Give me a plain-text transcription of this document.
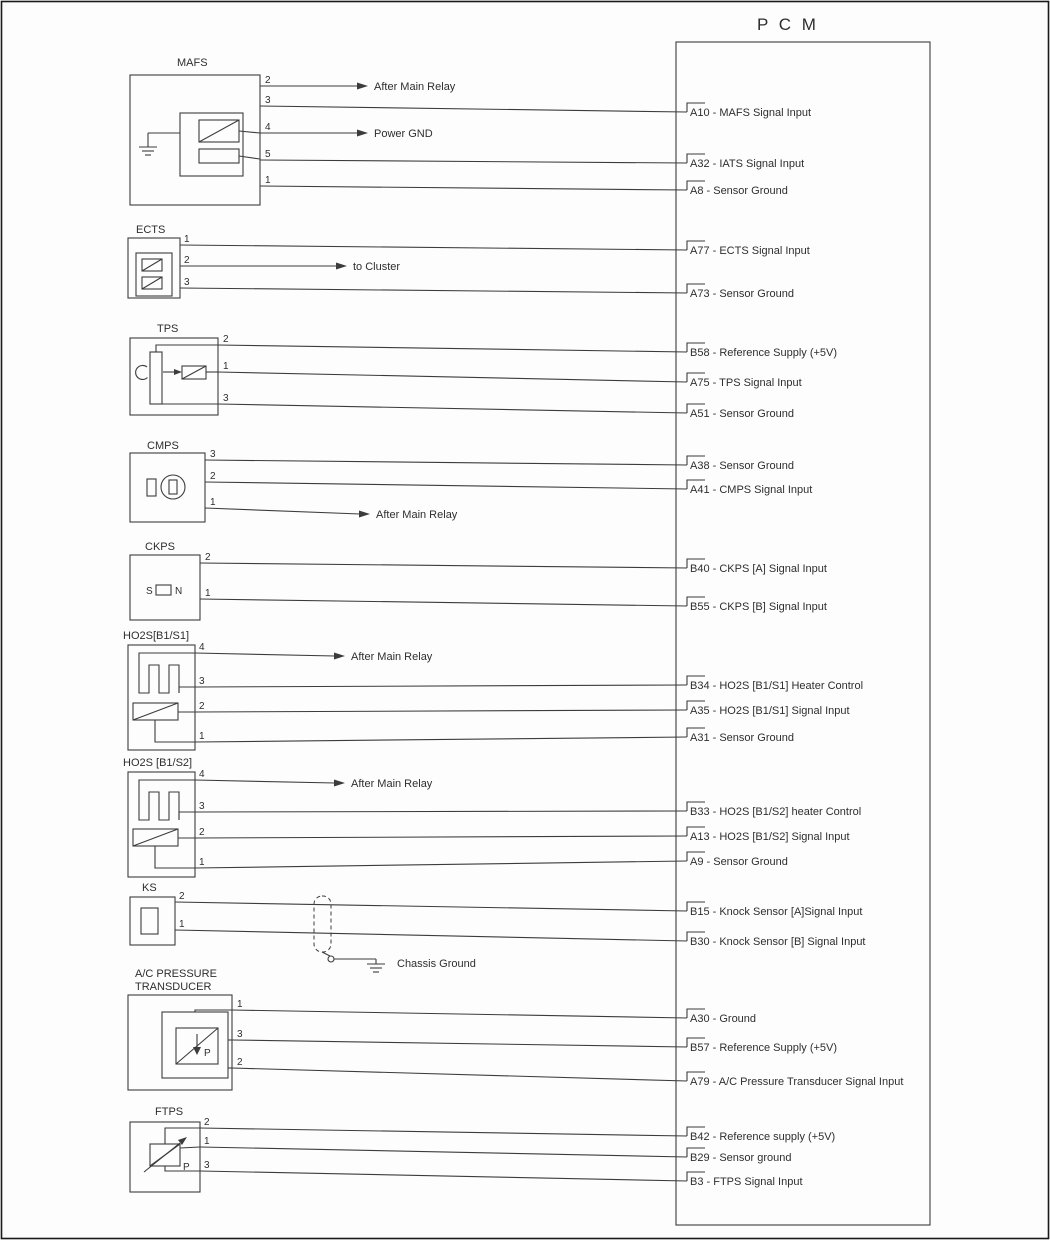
MAFS
After Main Relay
Power GND
2
3
4
5
1
ECTS
to Cluster
1
2
3
TPS
2
1
3
CMPS
After Main Relay
3
2
1
CKPS
S N
2
1
HO2S[B1/S1]
After Main Relay
4
3
2
1
HO2S [B1/S2]
After Main Relay
4
3
2
1
KS
2
1
Chassis Ground
A/C PRESSURE
TRANSDUCER
P
1
3
2
FTPS
P
2
1
3
P C M
A10 - MAFS Signal Input
A32 - IATS Signal Input
A8 - Sensor Ground
A77 - ECTS Signal Input
A73 - Sensor Ground
B58 - Reference Supply (+5V)
A75 - TPS Signal Input
A51 - Sensor Ground
A38 - Sensor Ground
A41 - CMPS Signal Input
B40 - CKPS [A] Signal Input
B55 - CKPS [B] Signal Input
B34 - HO2S [B1/S1] Heater Control
A35 - HO2S [B1/S1] Signal Input
A31 - Sensor Ground
B33 - HO2S [B1/S2] heater Control
A13 - HO2S [B1/S2] Signal Input
A9 - Sensor Ground
B15 - Knock Sensor [A]Signal Input
B30 - Knock Sensor [B] Signal Input
A30 - Ground
B57 - Reference Supply (+5V)
A79 - A/C Pressure Transducer Signal Input
B42 - Reference supply (+5V)
B29 - Sensor ground
B3 - FTPS Signal Input
